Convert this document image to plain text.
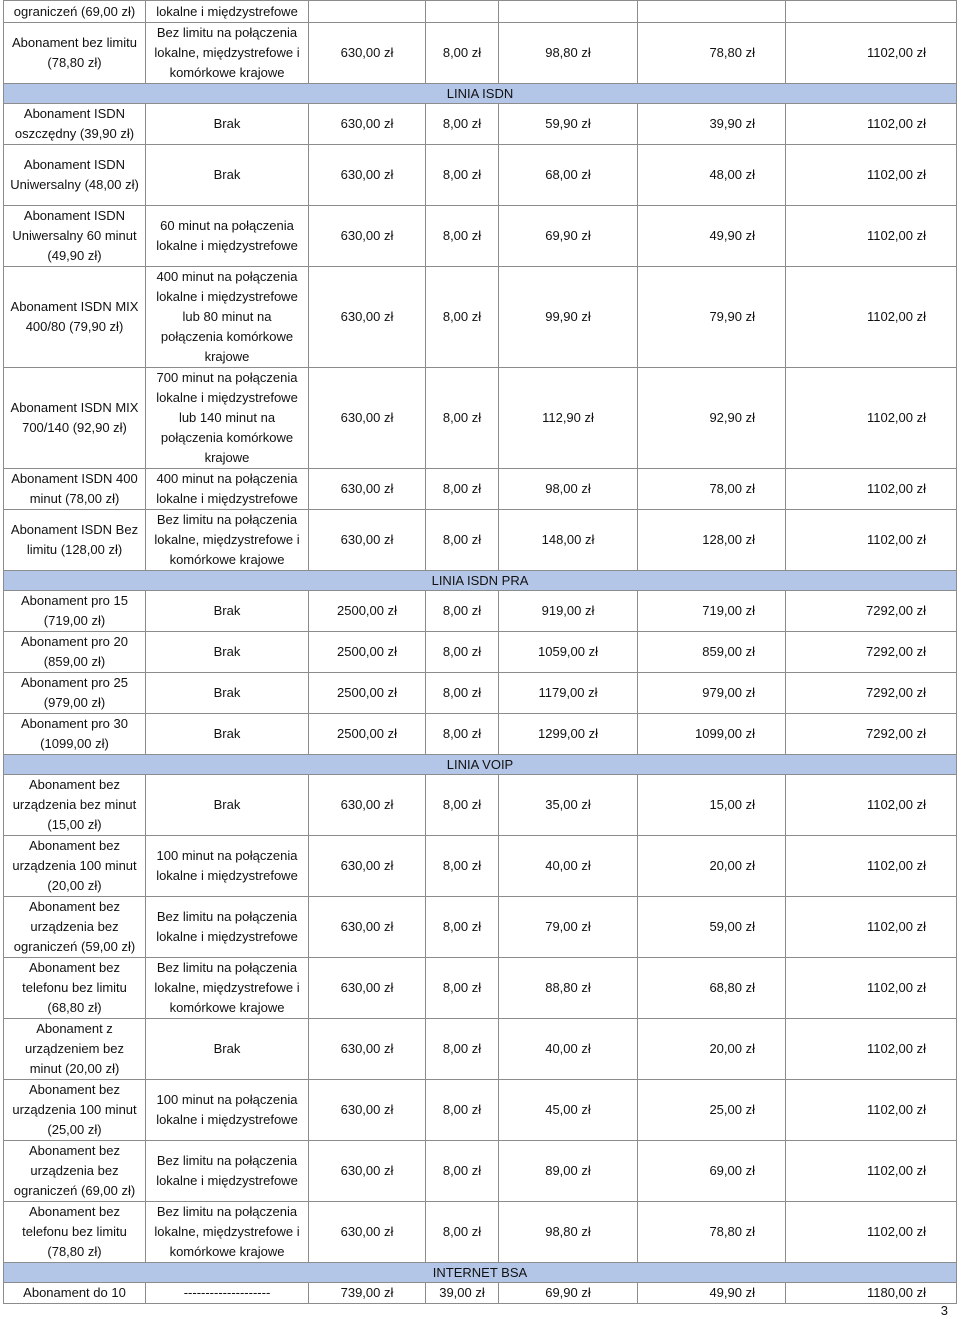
ograniczeń (69,00 zł)	lokalne i międzystrefowe					
Abonament bez limitu (78,80 zł)	Bez limitu na połączenia lokalne, międzystrefowe i komórkowe krajowe	630,00 zł	8,00 zł	98,80 zł	78,80 zł	1102,00 zł
LINIA ISDN						
Abonament ISDN oszczędny (39,90 zł)	Brak	630,00 zł	8,00 zł	59,90 zł	39,90 zł	1102,00 zł
Abonament ISDN Uniwersalny (48,00 zł)	Brak	630,00 zł	8,00 zł	68,00 zł	48,00 zł	1102,00 zł
Abonament ISDN Uniwersalny 60 minut (49,90 zł)	60 minut na połączenia lokalne i międzystrefowe	630,00 zł	8,00 zł	69,90 zł	49,90 zł	1102,00 zł
Abonament ISDN MIX 400/80 (79,90 zł)	400 minut na połączenia lokalne i międzystrefowe lub 80 minut na połączenia komórkowe krajowe	630,00 zł	8,00 zł	99,90 zł	79,90 zł	1102,00 zł
Abonament ISDN MIX 700/140 (92,90 zł)	700 minut na połączenia lokalne i międzystrefowe lub 140 minut na połączenia komórkowe krajowe	630,00 zł	8,00 zł	112,90 zł	92,90 zł	1102,00 zł
Abonament ISDN 400 minut (78,00 zł)	400 minut na połączenia lokalne i międzystrefowe	630,00 zł	8,00 zł	98,00 zł	78,00 zł	1102,00 zł
Abonament ISDN Bez limitu (128,00 zł)	Bez limitu na połączenia lokalne, międzystrefowe i komórkowe krajowe	630,00 zł	8,00 zł	148,00 zł	128,00 zł	1102,00 zł
LINIA ISDN PRA						
Abonament pro 15 (719,00 zł)	Brak	2500,00 zł	8,00 zł	919,00 zł	719,00 zł	7292,00 zł
Abonament pro 20 (859,00 zł)	Brak	2500,00 zł	8,00 zł	1059,00 zł	859,00 zł	7292,00 zł
Abonament pro 25 (979,00 zł)	Brak	2500,00 zł	8,00 zł	1179,00 zł	979,00 zł	7292,00 zł
Abonament pro 30 (1099,00 zł)	Brak	2500,00 zł	8,00 zł	1299,00 zł	1099,00 zł	7292,00 zł
LINIA VOIP						
Abonament bez urządzenia bez minut (15,00 zł)	Brak	630,00 zł	8,00 zł	35,00 zł	15,00 zł	1102,00 zł
Abonament bez urządzenia 100 minut (20,00 zł)	100 minut na połączenia lokalne i międzystrefowe	630,00 zł	8,00 zł	40,00 zł	20,00 zł	1102,00 zł
Abonament bez urządzenia bez ograniczeń (59,00 zł)	Bez limitu na połączenia lokalne i międzystrefowe	630,00 zł	8,00 zł	79,00 zł	59,00 zł	1102,00 zł
Abonament bez telefonu bez limitu (68,80 zł)	Bez limitu na połączenia lokalne, międzystrefowe i komórkowe krajowe	630,00 zł	8,00 zł	88,80 zł	68,80 zł	1102,00 zł
Abonament z urządzeniem bez minut (20,00 zł)	Brak	630,00 zł	8,00 zł	40,00 zł	20,00 zł	1102,00 zł
Abonament bez urządzenia 100 minut (25,00 zł)	100 minut na połączenia lokalne i międzystrefowe	630,00 zł	8,00 zł	45,00 zł	25,00 zł	1102,00 zł
Abonament bez urządzenia bez ograniczeń (69,00 zł)	Bez limitu na połączenia lokalne i międzystrefowe	630,00 zł	8,00 zł	89,00 zł	69,00 zł	1102,00 zł
Abonament bez telefonu bez limitu (78,80 zł)	Bez limitu na połączenia lokalne, międzystrefowe i komórkowe krajowe	630,00 zł	8,00 zł	98,80 zł	78,80 zł	1102,00 zł
INTERNET BSA						
Abonament do 10	--------------------	739,00 zł	39,00 zł	69,90 zł	49,90 zł	1180,00 zł
3
